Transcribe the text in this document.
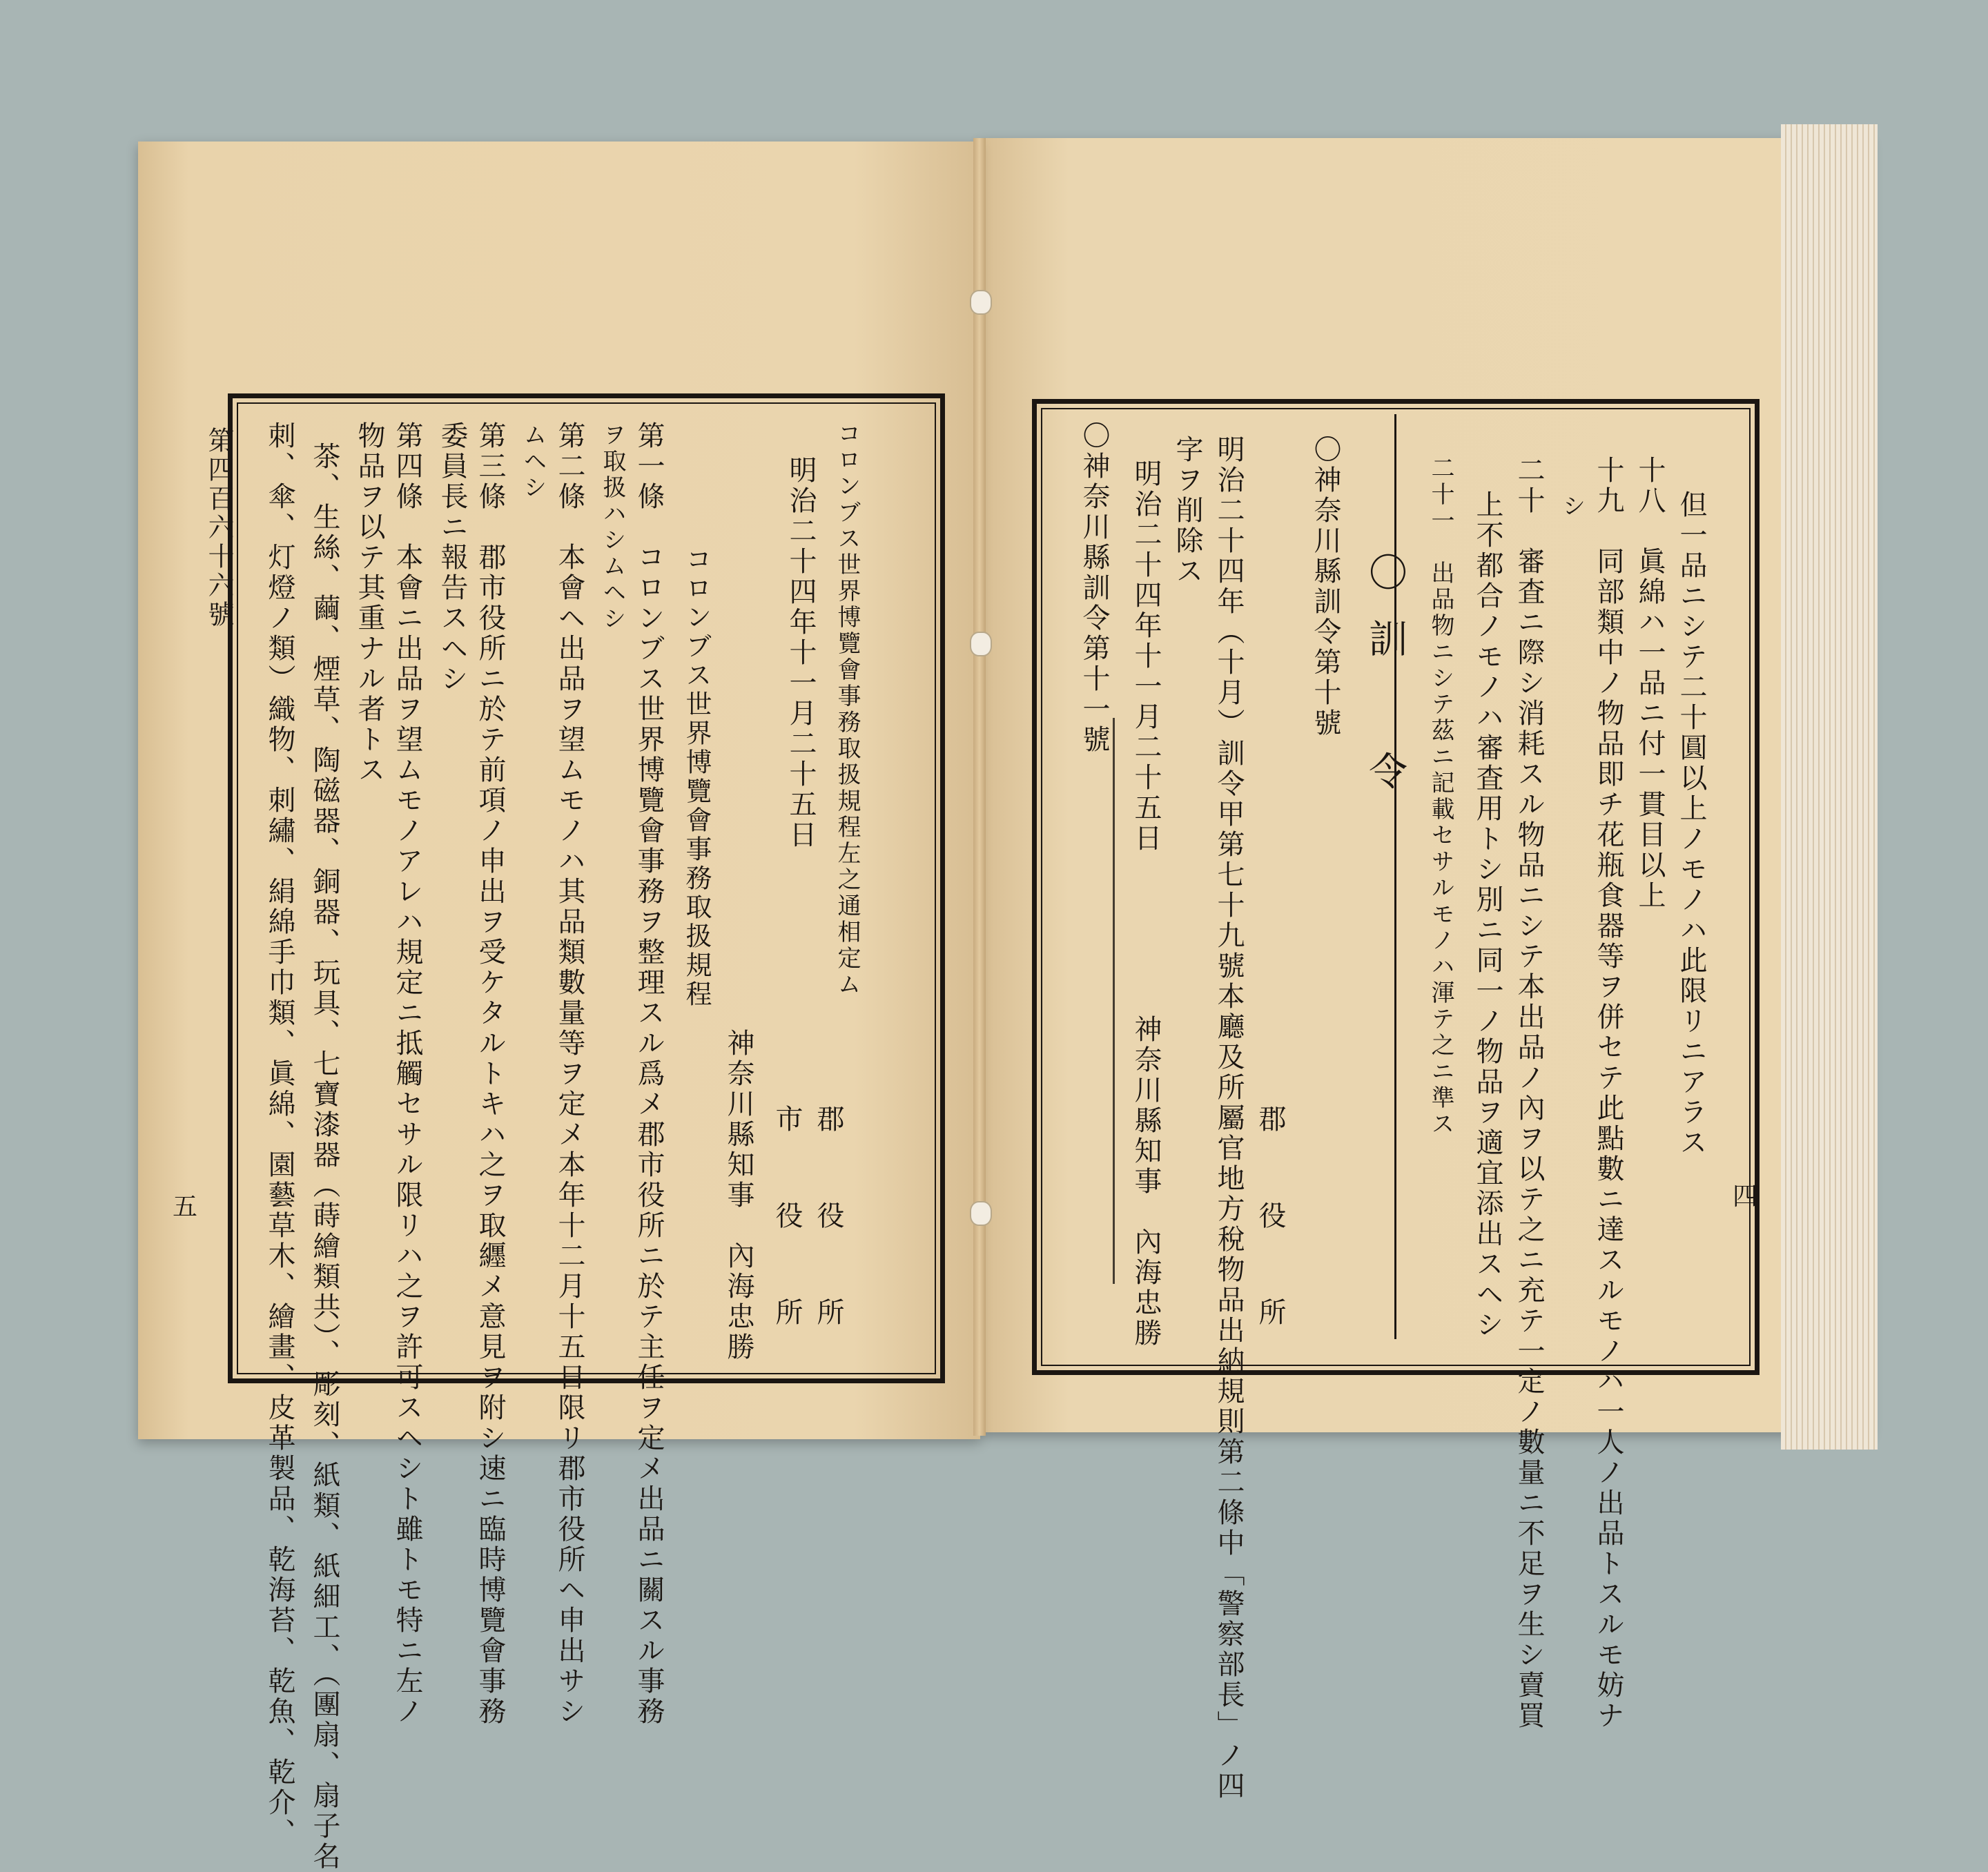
第四百六十六號
五
コロンブス世界博覽會事務取扱規程左之通相定ム
明治二十四年十一月二十五日
神奈川縣知事　內海忠勝 郡　役　所
市　役　所
コロンブス世界博覽會事務取扱規程
第一條　コロンブス世界博覽會事務ヲ整理スル爲メ郡市役所ニ於テ主任ヲ定メ出品ニ關スル事務
ヲ取扱ハシムヘシ
第二條　本會ヘ出品ヲ望ムモノハ其品類數量等ヲ定メ本年十二月十五日限リ郡市役所ヘ申出サシ
ムヘシ
第三條　郡市役所ニ於テ前項ノ申出ヲ受ケタルトキハ之ヲ取纒メ意見ヲ附シ速ニ臨時博覽會事務
委員長ニ報告スヘシ
第四條　本會ニ出品ヲ望ムモノアレハ規定ニ抵觸セサル限リハ之ヲ許可スヘシト雖トモ特ニ左ノ
物品ヲ以テ其重ナル者トス
茶、生絲、繭、煙草、陶磁器、銅器、玩具、七寶漆器（蒔繪類共）、彫刻、紙類、紙細工、（團扇、扇子名
刺、傘、灯燈ノ類）織物、刺繡、絹綿手巾類、眞綿、園藝草木、繪畫、皮革製品、乾海苔、乾魚、乾介、	四
但一品ニシテ二十圓以上ノモノハ此限リニアラス
十八　眞綿ハ一品ニ付一貫目以上
十九　同部類中ノ物品即チ花瓶食器等ヲ併セテ此點數ニ達スルモノハ一人ノ出品トスルモ妨ナ
シ
二十　審査ニ際シ消耗スル物品ニシテ本出品ノ內ヲ以テ之ニ充テ一定ノ數量ニ不足ヲ生シ賣買
上不都合ノモノハ審査用トシ別ニ同一ノ物品ヲ適宜添出スヘシ
二十一　出品物ニシテ茲ニ記載セサルモノハ渾テ之ニ準ス
〇訓　令
〇神奈川縣訓令第十號
郡　役　所
明治二十四年（十月）訓令甲第七十九號本廳及所屬官地方稅物品出納規則第二條中「警察部長」ノ四
字ヲ削除ス
明治二十四年十一月二十五日
神奈川縣知事　內海忠勝
〇神奈川縣訓令第十一號
